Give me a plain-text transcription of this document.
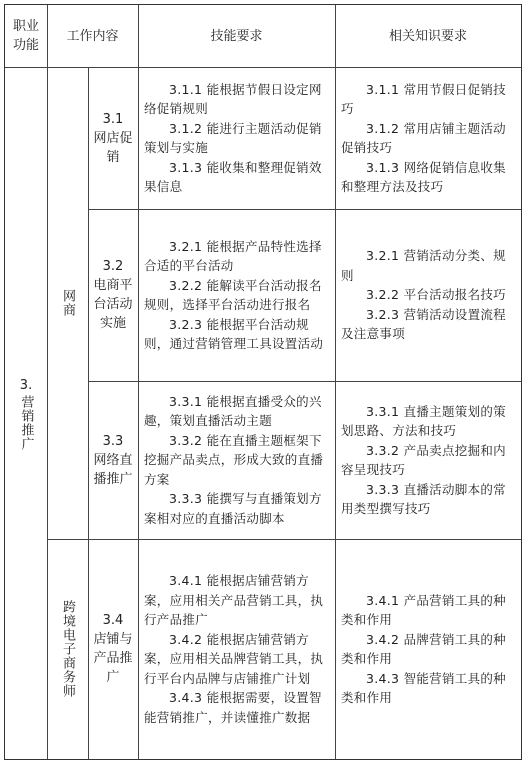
职业
功能
工作内容	技能要求	相关知识要求
3.
营销推广
网商
跨境电子商务师
3.1
网店促
销

3.1.1 能根据节假日设定网络促销规则

3.1.2 能进行主题活动促销策划与实施

3.1.3 能收集和整理促销效果信息

3.1.1 常用节假日促销技巧

3.1.2 常用店铺主题活动促销技巧

3.1.3 网络促销信息收集和整理方法及技巧

3.2
电商平
台活动
实施

3.2.1 能根据产品特性选择合适的平台活动

3.2.2 能解读平台活动报名规则，选择平台活动进行报名

3.2.3 能根据平台活动规则，通过营销管理工具设置活动

3.2.1 营销活动分类、规则

3.2.2 平台活动报名技巧

3.2.3 营销活动设置流程及注意事项

3.3
网络直
播推广

3.3.1 能根据直播受众的兴趣，策划直播活动主题

3.3.2 能在直播主题框架下挖掘产品卖点，形成大致的直播方案

3.3.3 能撰写与直播策划方案相对应的直播活动脚本

3.3.1 直播主题策划的策划思路、方法和技巧

3.3.2 产品卖点挖掘和内容呈现技巧

3.3.3 直播活动脚本的常用类型撰写技巧

3.4
店铺与
产品推
广

3.4.1 能根据店铺营销方案，应用相关产品营销工具，执行产品推广

3.4.2 能根据店铺营销方案，应用相关品牌营销工具，执行平台内品牌与店铺推广计划

3.4.3 能根据需要，设置智能营销推广，并读懂推广数据

3.4.1 产品营销工具的种类和作用

3.4.2 品牌营销工具的种类和作用

3.4.3 智能营销工具的种类和作用
